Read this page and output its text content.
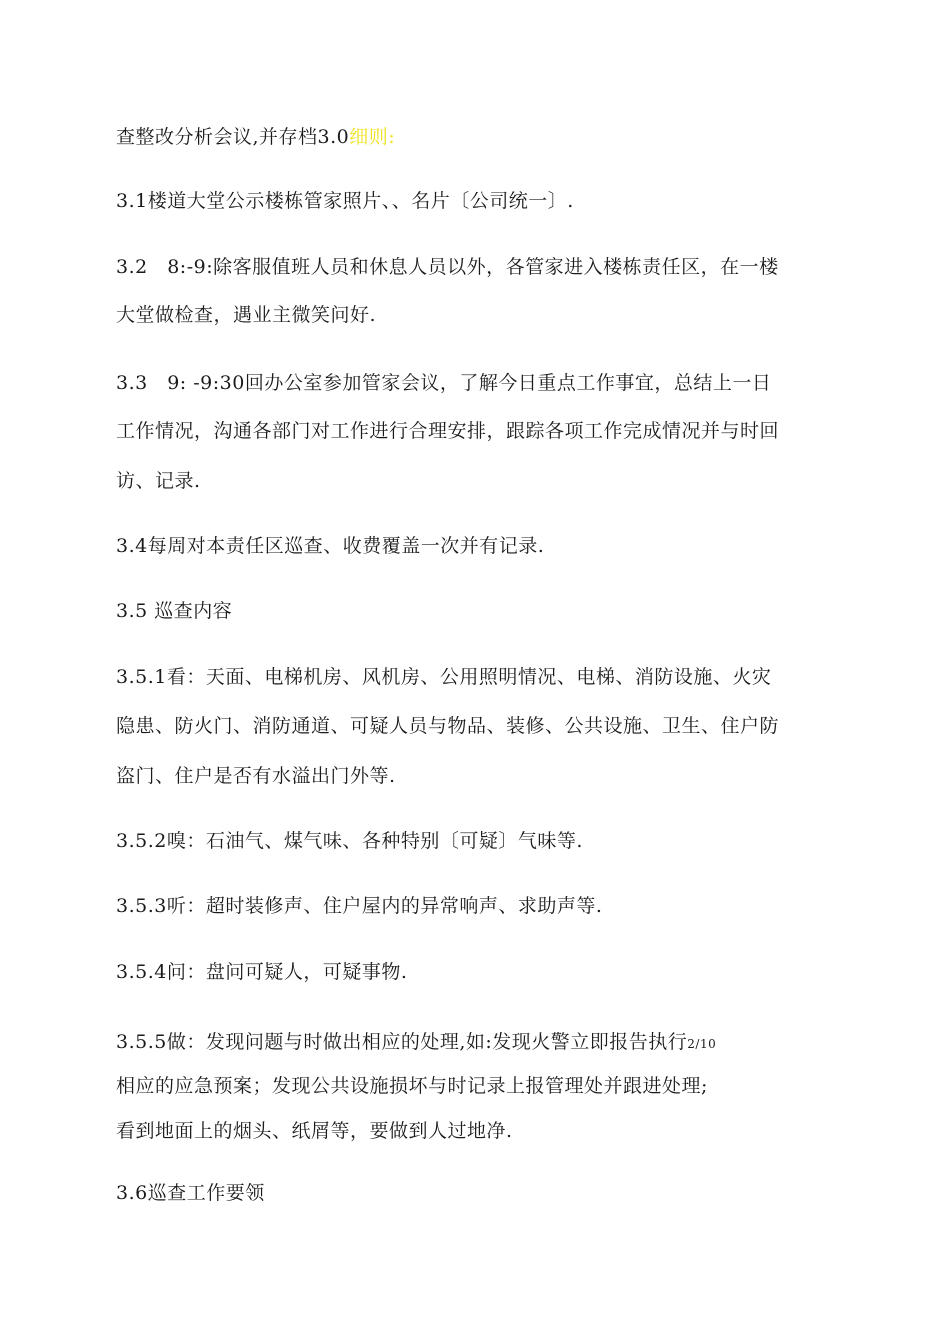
查整改分析会议,并存档3.0细则:
3.1楼道大堂公示楼栋管家照片、、名片〔公司统一〕.
3.2　8:-9:除客服值班人员和休息人员以外，各管家进入楼栋责任区，在一楼
大堂做检查，遇业主微笑问好.
3.3　9: -9:30回办公室参加管家会议，了解今日重点工作事宜，总结上一日
工作情况，沟通各部门对工作进行合理安排，跟踪各项工作完成情况并与时回
访、记录.
3.4每周对本责任区巡查、收费覆盖一次并有记录.
3.5 巡查内容
3.5.1看：天面、电梯机房、风机房、公用照明情况、电梯、消防设施、火灾
隐患、防火门、消防通道、可疑人员与物品、装修、公共设施、卫生、住户防
盗门、住户是否有水溢出门外等.
3.5.2嗅：石油气、煤气味、各种特别〔可疑〕气味等.
3.5.3听：超时装修声、住户屋内的异常响声、求助声等.
3.5.4问：盘问可疑人，可疑事物.
3.5.5做：发现问题与时做出相应的处理,如:发现火警立即报告执行2/10
相应的应急预案；发现公共设施损坏与时记录上报管理处并跟进处理;
看到地面上的烟头、纸屑等，要做到人过地净.
3.6巡查工作要领
